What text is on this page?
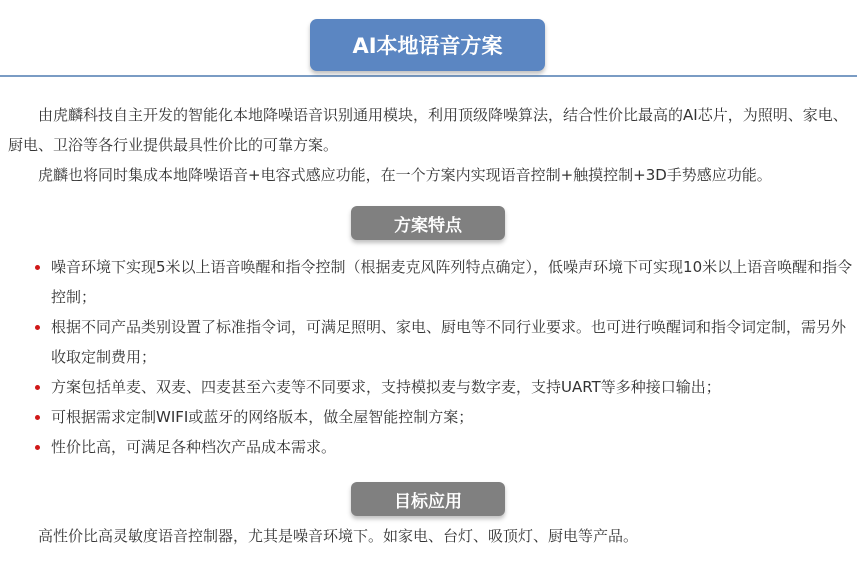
AI本地语音方案

由虎麟科技自主开发的智能化本地降噪语音识别通用模块，利用顶级降噪算法，结合性价比最高的AI芯片，为照明、家电、厨电、卫浴等各行业提供最具性价比的可靠方案。

虎麟也将同时集成本地降噪语音+电容式感应功能，在一个方案内实现语音控制+触摸控制+3D手势感应功能。

方案特点
噪音环境下实现5米以上语音唤醒和指令控制（根据麦克风阵列特点确定），低噪声环境下可实现10米以上语音唤醒和指令控制；
根据不同产品类别设置了标准指令词，可满足照明、家电、厨电等不同行业要求。也可进行唤醒词和指令词定制，需另外收取定制费用；
方案包括单麦、双麦、四麦甚至六麦等不同要求，支持模拟麦与数字麦，支持UART等多种接口输出；
可根据需求定制WIFI或蓝牙的网络版本，做全屋智能控制方案；
性价比高，可满足各种档次产品成本需求。
目标应用

高性价比高灵敏度语音控制器，尤其是噪音环境下。如家电、台灯、吸顶灯、厨电等产品。
